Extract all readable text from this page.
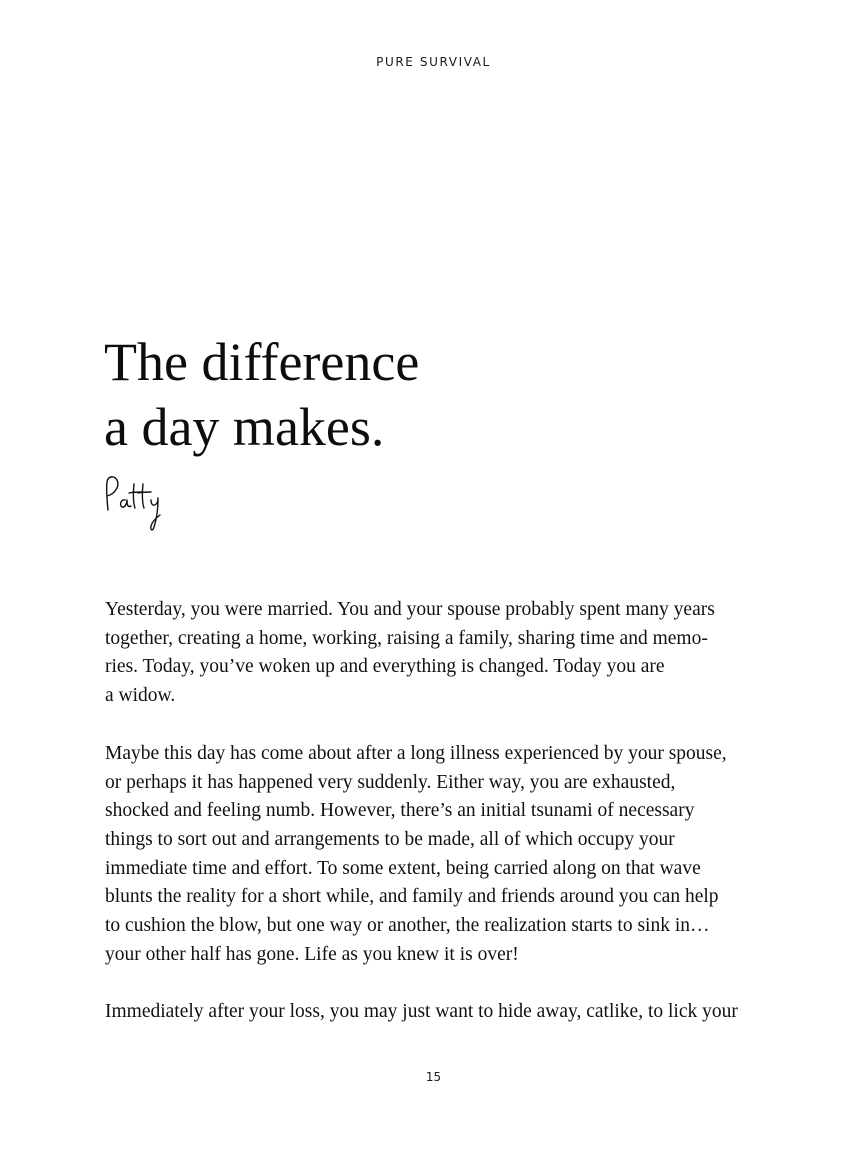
PURE SURVIVAL
The difference
a day makes.

Yesterday, you were married. You and your spouse probably spent many years
together, creating a home, working, raising a family, sharing time and memo-
ries. Today, you’ve woken up and everything is changed. Today you are
a widow.

Maybe this day has come about after a long illness experienced by your spouse,
or perhaps it has happened very suddenly. Either way, you are exhausted,
shocked and feeling numb. However, there’s an initial tsunami of necessary
things to sort out and arrangements to be made, all of which occupy your
immediate time and effort. To some extent, being carried along on that wave
blunts the reality for a short while, and family and friends around you can help
to cushion the blow, but one way or another, the realization starts to sink in…
your other half has gone. Life as you knew it is over!

Immediately after your loss, you may just want to hide away, catlike, to lick your

15
